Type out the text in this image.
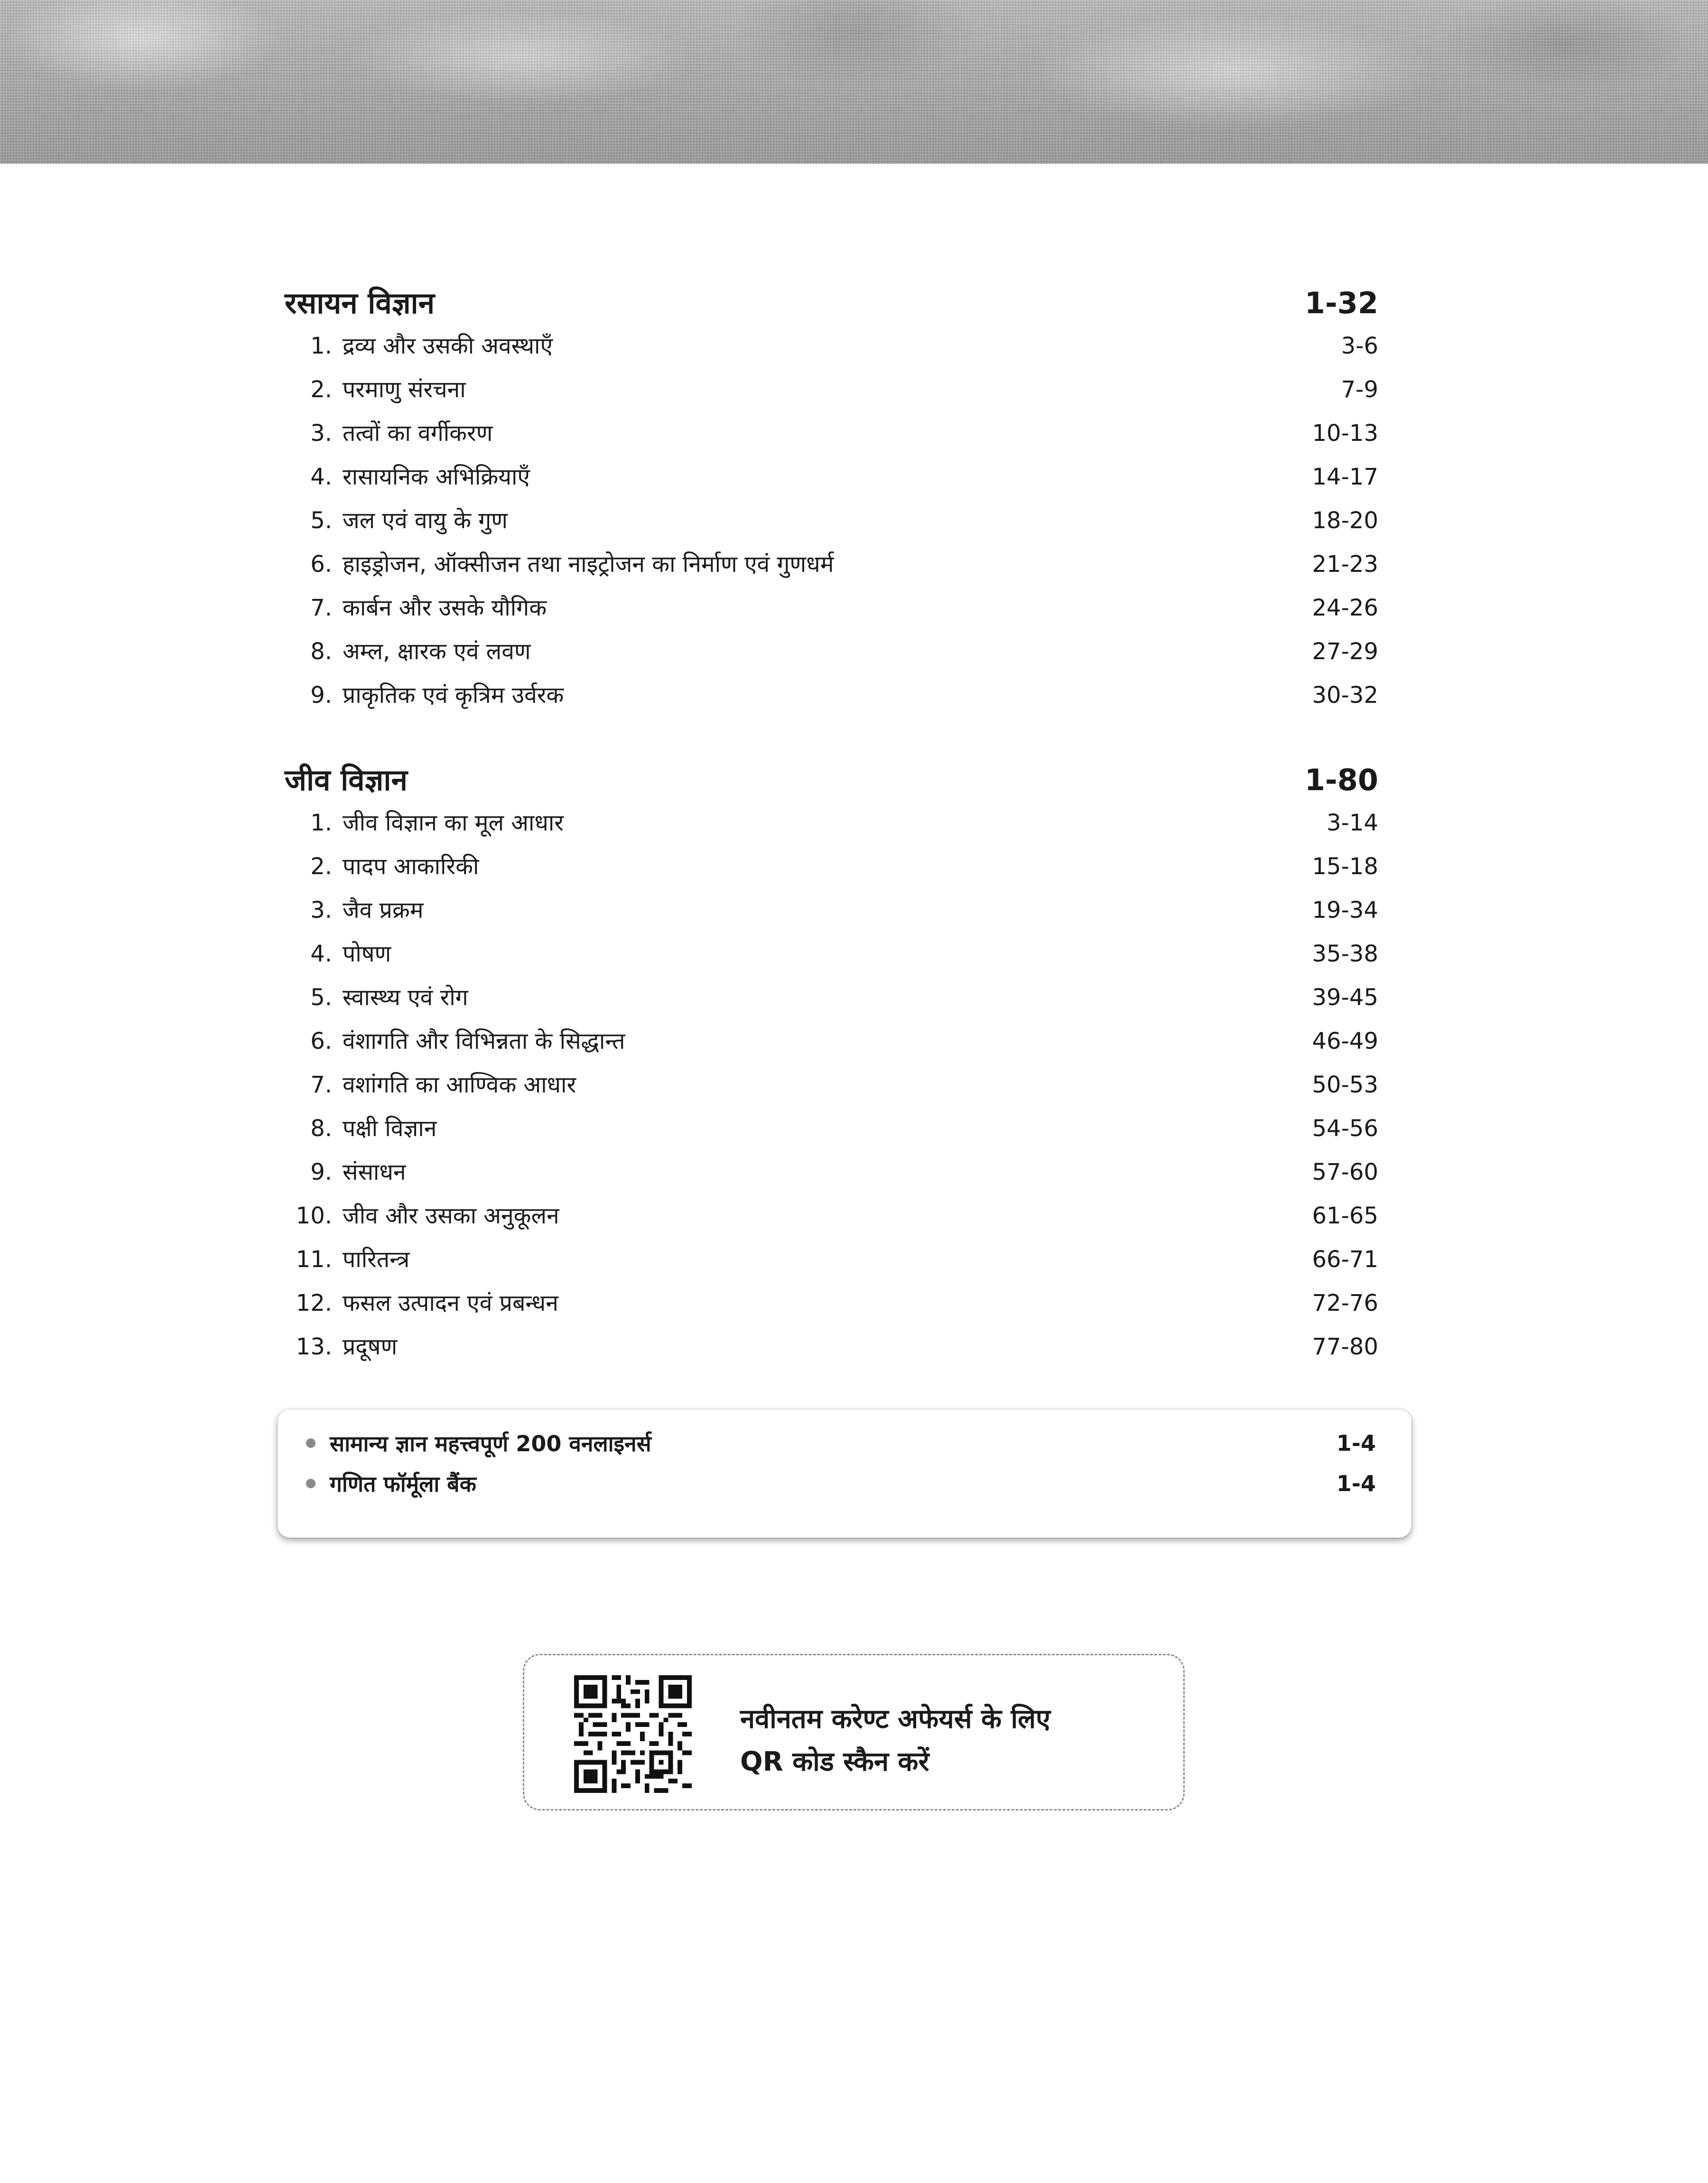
रसायन विज्ञान	1-32
1. द्रव्य और उसकी अवस्थाएँ	3-6
2. परमाणु संरचना	7-9
3. तत्वों का वर्गीकरण	10-13
4. रासायनिक अभिक्रियाएँ	14-17
5. जल एवं वायु के गुण	18-20
6. हाइड्रोजन, ऑक्सीजन तथा नाइट्रोजन का निर्माण एवं गुणधर्म	21-23
7. कार्बन और उसके यौगिक	24-26
8. अम्ल, क्षारक एवं लवण	27-29
9. प्राकृतिक एवं कृत्रिम उर्वरक	30-32
जीव विज्ञान	1-80
1. जीव विज्ञान का मूल आधार	3-14
2. पादप आकारिकी	15-18
3. जैव प्रक्रम	19-34
4. पोषण	35-38
5. स्वास्थ्य एवं रोग	39-45
6. वंशागति और विभिन्नता के सिद्धान्त	46-49
7. वशांगति का आण्विक आधार	50-53
8. पक्षी विज्ञान	54-56
9. संसाधन	57-60
10. जीव और उसका अनुकूलन	61-65
11. पारितन्त्र	66-71
12. फसल उत्पादन एवं प्रबन्धन	72-76
13. प्रदूषण	77-80
सामान्य ज्ञान महत्त्वपूर्ण 200 वनलाइनर्स	1-4
गणित फॉर्मूला बैंक	1-4
नवीनतम करेण्ट अफेयर्स के लिए
QR कोड स्कैन करें
